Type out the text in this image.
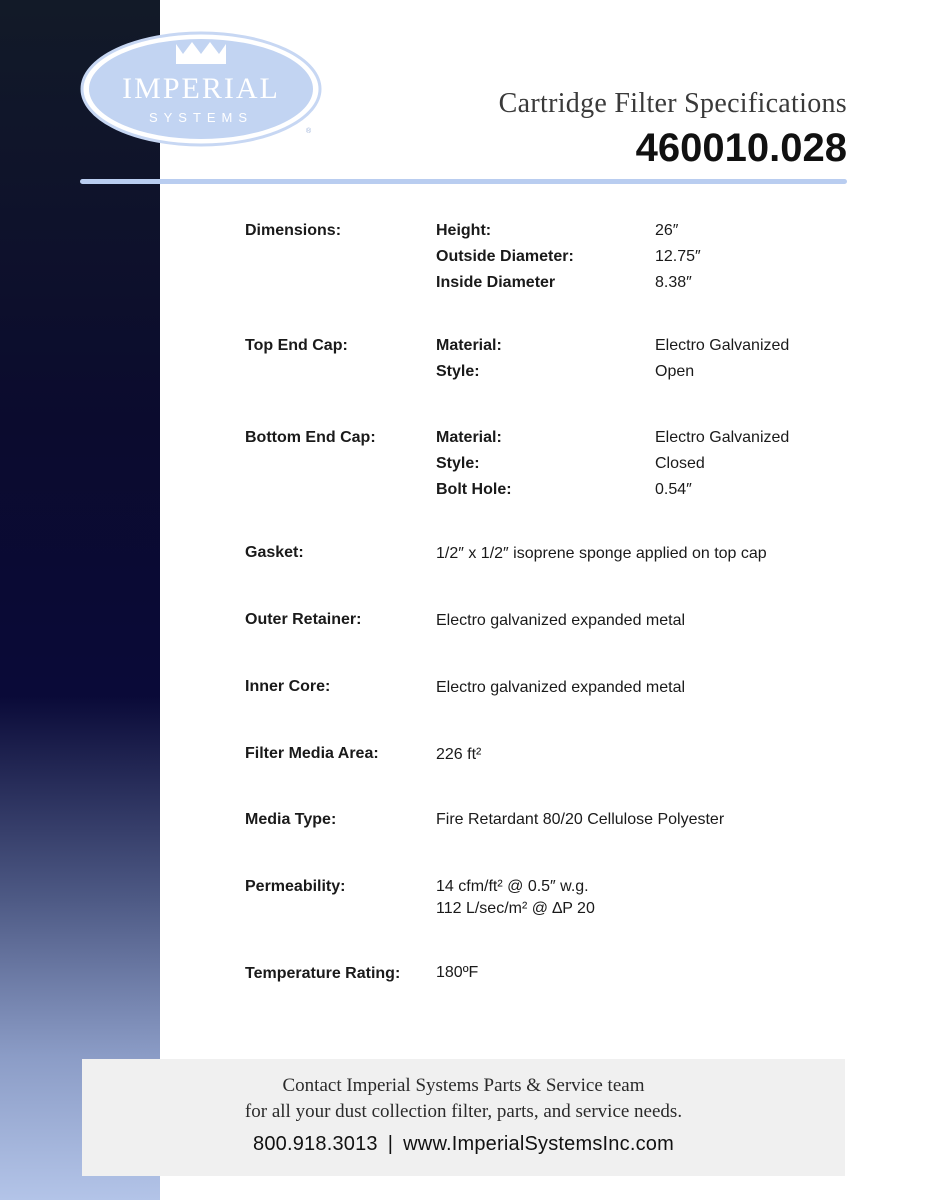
IMPERIAL
SYSTEMS
®
Cartridge Filter Specifications
460010.028
Dimensions:	Height:	26″
Outside Diameter:	12.75″
Inside Diameter	8.38″
Top End Cap:	Material:	Electro Galvanized
Style:	Open
Bottom End Cap:	Material:	Electro Galvanized
Style:	Closed
Bolt Hole:	0.54″
Gasket:	1/2″ x 1/2″ isoprene sponge applied on top cap
Outer Retainer:	Electro galvanized expanded metal
Inner Core:	Electro galvanized expanded metal
Filter Media Area:	226 ft²
Media Type:	Fire Retardant 80/20 Cellulose Polyester
Permeability:	14 cfm/ft² @ 0.5″ w.g.
112 L/sec/m² @ ∆P 20
Temperature Rating: 180ºF
Contact Imperial Systems Parts & Service team
for all your dust collection filter, parts, and service needs.
800.918.3013 | www.ImperialSystemsInc.com
